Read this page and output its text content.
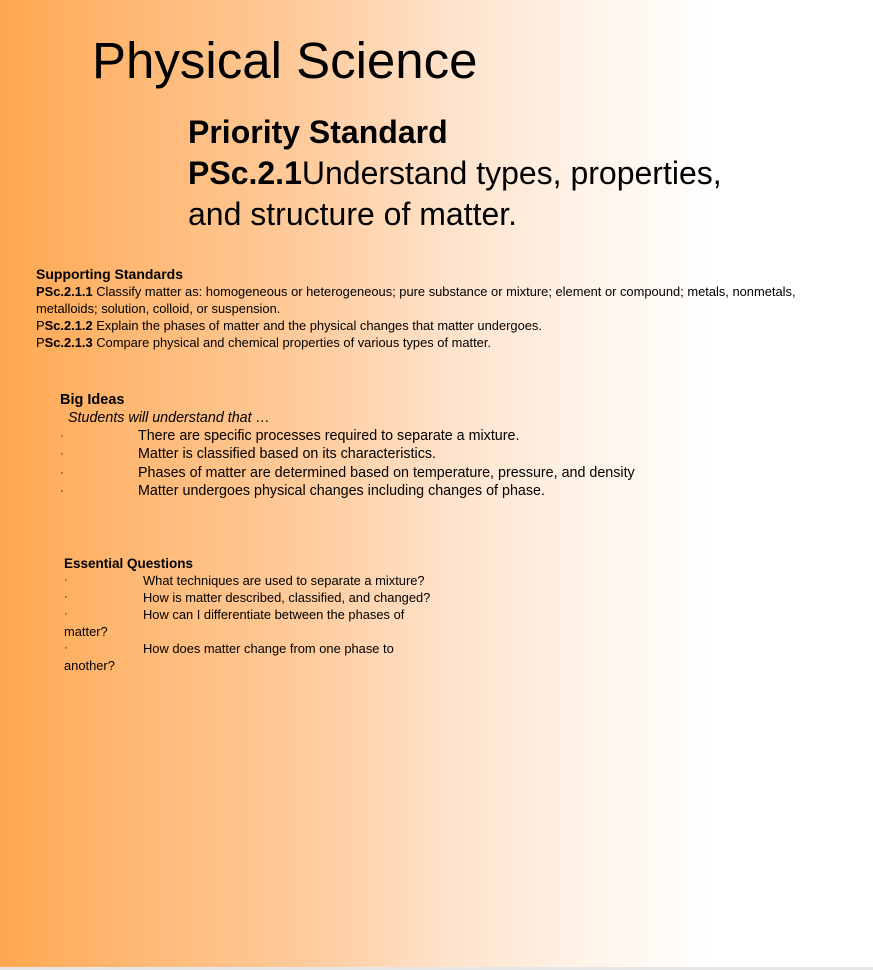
Physical Science
Priority Standard
PSc.2.1Understand types, properties,
and structure of matter.
Supporting Standards
PSc.2.1.1 Classify matter as: homogeneous or heterogeneous; pure substance or mixture; element or compound; metals, nonmetals,
metalloids; solution, colloid, or suspension.
PSc.2.1.2 Explain the phases of matter and the physical changes that matter undergoes.
PSc.2.1.3 Compare physical and chemical properties of various types of matter.
Big Ideas
Students will understand that …
·	There are specific processes required to separate a mixture.
·	Matter is classified based on its characteristics.
·	Phases of matter are determined based on temperature, pressure, and density
·	Matter undergoes physical changes including changes of phase.
Essential Questions
·	What techniques are used to separate a mixture?
·	How is matter described, classified, and changed?
·	How can I differentiate between the phases of
matter?
·	How does matter change from one phase to
another?
